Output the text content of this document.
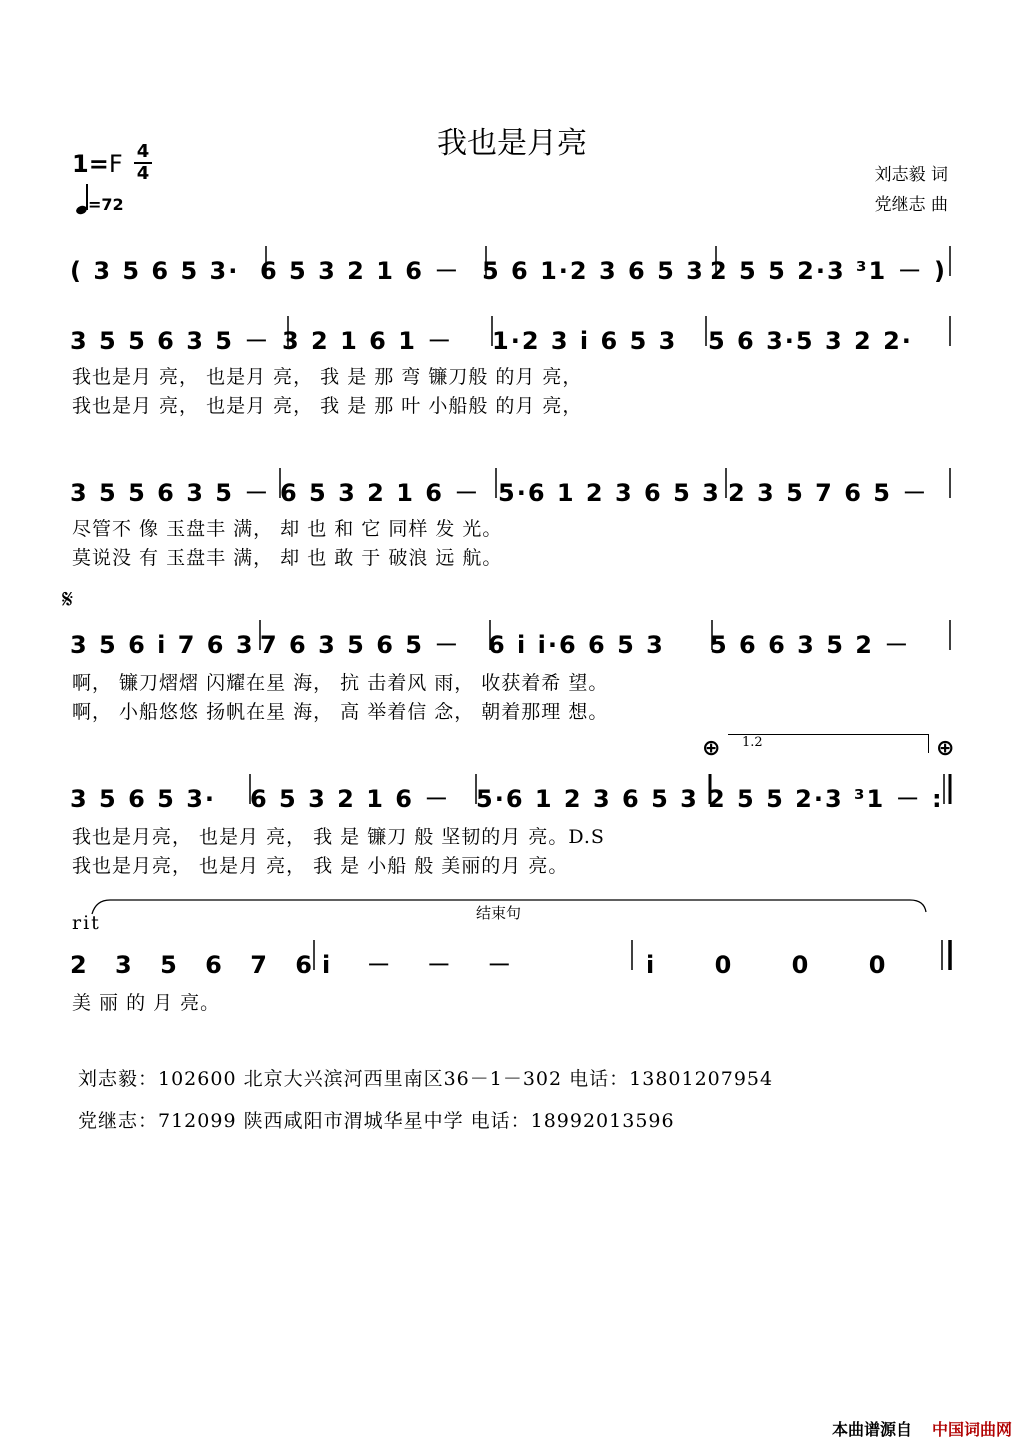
我也是月亮
1=F 4
4
=72
刘志毅 词
党继志 曲
( 3 5 6 5 3· 6 5 3 2 1 6 － 5 6 1·2 3 6 5 3 2 5 5 2·3 ³1 － )
3 5 5 6 3 5 － 3 2 1 6 1 －	1·2 3 i 6 5 3	5 6 3·5 3 2 2·
我也是月 亮， 也是月 亮， 我 是 那 弯 镰刀般 的月 亮，
我也是月 亮， 也是月 亮， 我 是 那 叶 小船般 的月 亮，
3 5 5 6 3 5 － 6 5 3 2 1 6 － 5·6 1 2 3 6 5 3 2 3 5 7 6 5 －
尽管不 像 玉盘丰 满， 却 也 和 它 同样 发 光。
莫说没 有 玉盘丰 满， 却 也 敢 于 破浪 远 航。
𝄋
3 5 6 i 7 6 3 7 6 3 5 6 5 －	6 i i·6 6 5 3	5 6 6 3 5 2 －
啊， 镰刀熠熠 闪耀在星 海， 抗 击着风 雨， 收获着希 望。
啊， 小船悠悠 扬帆在星 海， 高 举着信 念， 朝着那理 想。
⊕	1.2	⊕
3 5 6 5 3·	6 5 3 2 1 6 －	5·6 1 2 3 6 5 3 2 5 5 2·3 ³1 － :
我也是月亮， 也是月 亮， 我 是 镰刀 般 坚韧的月 亮。D.S
我也是月亮， 也是月 亮， 我 是 小船 般 美丽的月 亮。
结束句
rit
2 3 5 6 7 6 i － － －	i 0 0 0
美 丽 的 月 亮。
刘志毅：102600 北京大兴滨河西里南区36－1－302 电话：13801207954
党继志：712099 陕西咸阳市渭城华星中学 电话：18992013596
本曲谱源自 中国词曲网
